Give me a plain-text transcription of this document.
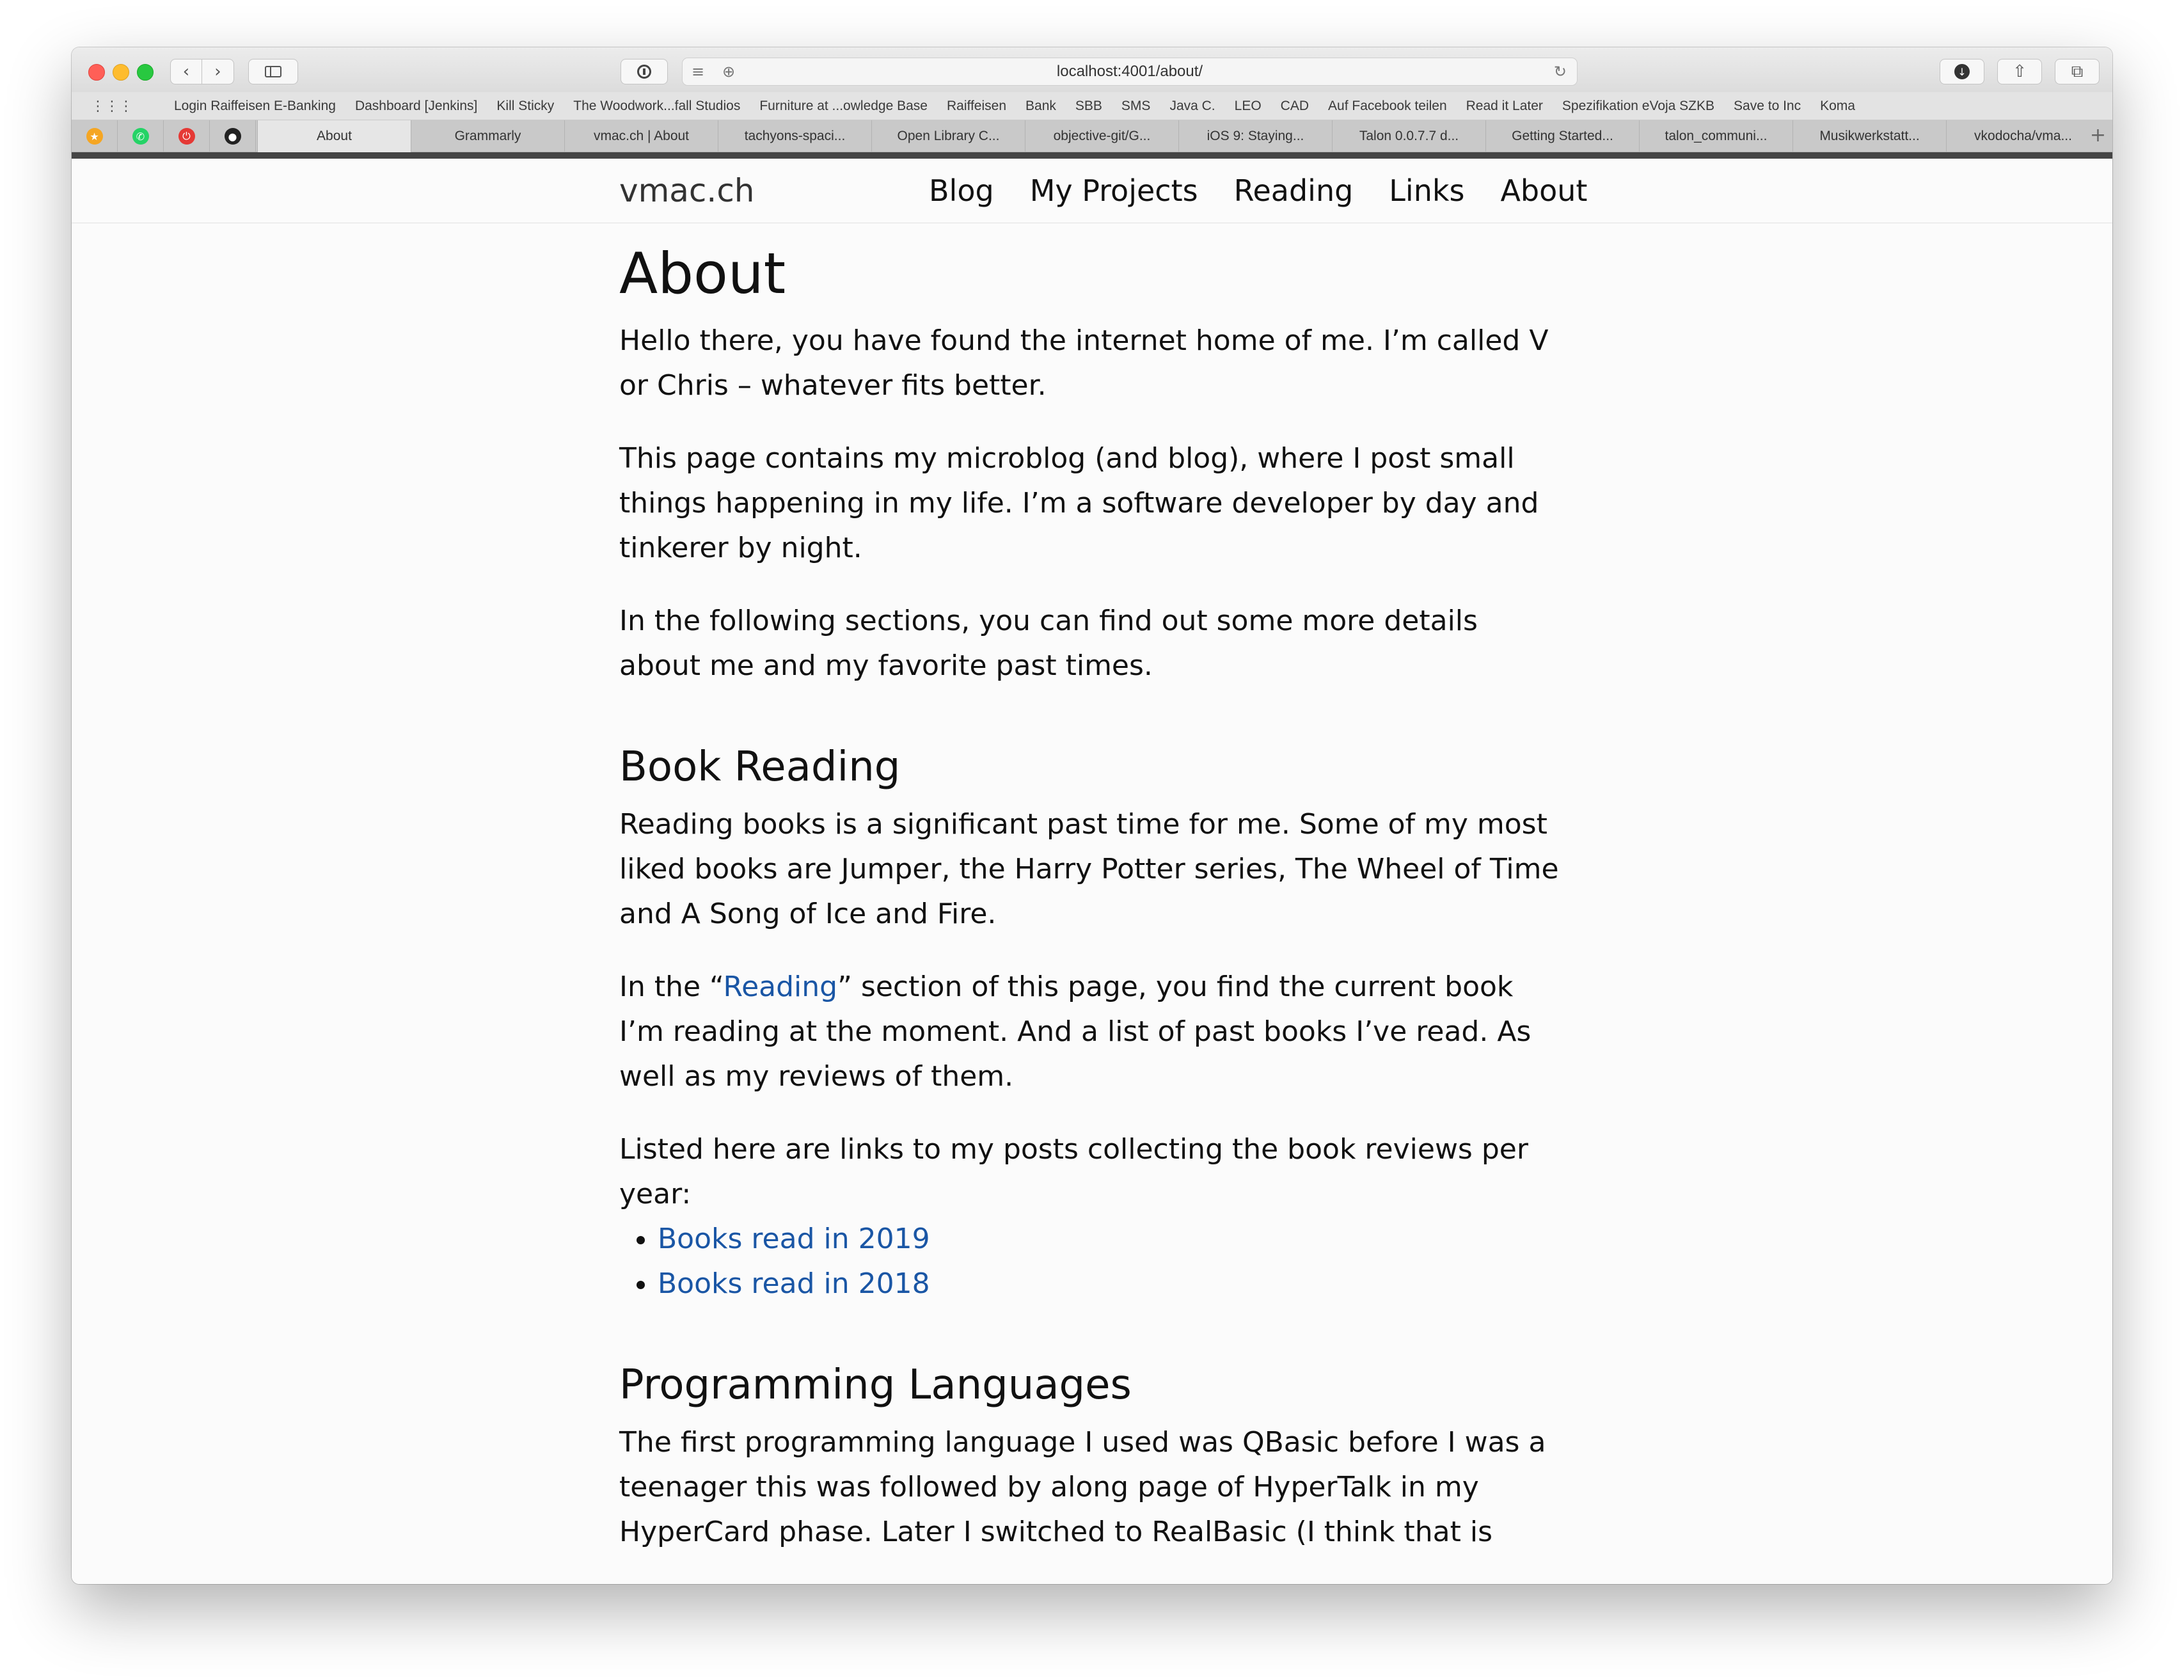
‹ ›	≡ ⊕	localhost:4001/about/	↻	↓	⇧	⧉
⋮⋮⋮	Login Raiffeisen E-Banking Dashboard [Jenkins] Kill Sticky The Woodwork...fall Studios Furniture at ...owledge Base Raiffeisen Bank SBB SMS Java C. LEO CAD Auf Facebook teilen Read it Later Spezifikation eVoja SZKB Save to Inc Koma
★	✆	⏻	●	About	Grammarly	vmac.ch | About	tachyons-spaci...	Open Library C...	objective-git/G...	iOS 9: Staying...	Talon 0.0.7.7 d...	Getting Started...	talon_communi...	Musikwerkstatt...	vkodocha/vma... +
vmac.ch	Blog My Projects Reading Links About
About

Hello there, you have found the internet home of me. I’m called V or Chris – whatever fits better.

This page contains my microblog (and blog), where I post small things happening in my life. I’m a software developer by day and tinkerer by night.

In the following sections, you can find out some more details about me and my favorite past times.

Book Reading

Reading books is a significant past time for me. Some of my most liked books are Jumper, the Harry Potter series, The Wheel of Time and A Song of Ice and Fire.

In the “Reading” section of this page, you find the current book I’m reading at the moment. And a list of past books I’ve read. As well as my reviews of them.

Listed here are links to my posts collecting the book reviews per year:

• Books read in 2019
• Books read in 2018
Programming Languages

The first programming language I used was QBasic before I was a teenager this was followed by along page of HyperTalk in my HyperCard phase. Later I switched to RealBasic (I think that is
